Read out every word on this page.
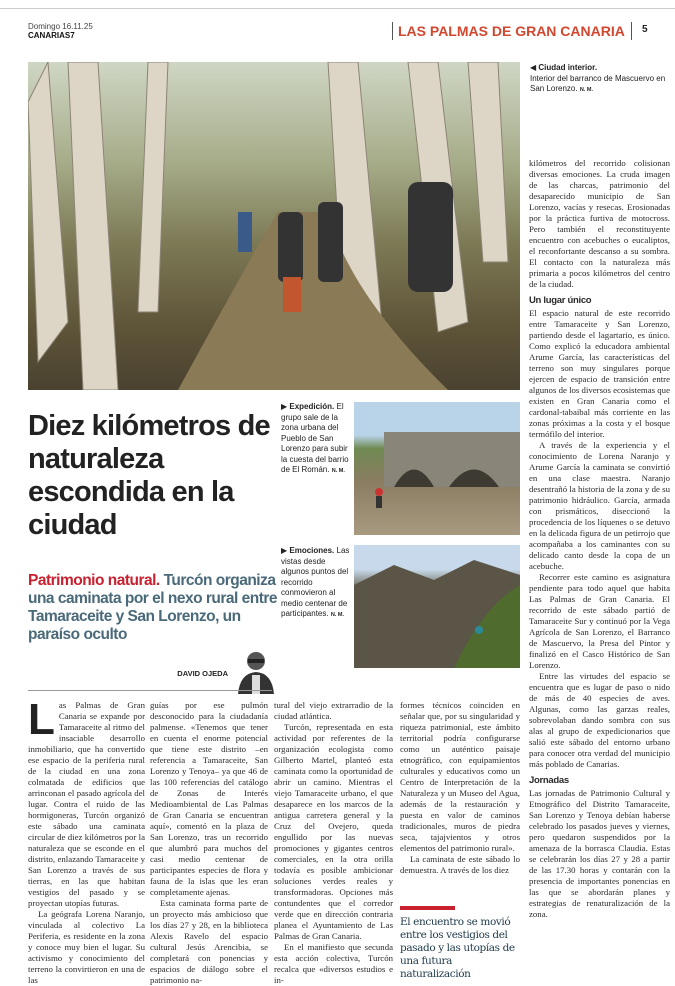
Domingo 16.11.25
CANARIAS7	LAS PALMAS DE GRAN CANARIA	5
◀ Ciudad interior.
Interior del barranco de Mascuervo en San Lorenzo. N. M.
Diez kilómetros de naturaleza escondida en la ciudad
Patrimonio natural. Turcón organiza una caminata por el nexo rural entre Tamaraceite y San Lorenzo, un paraíso oculto
DAVID OJEDA
▶ Expedición. El grupo sale de la zona urbana del Pueblo de San Lorenzo para subir la cuesta del barrio de El Román. N. M.
▶ Emociones. Las vistas desde algunos puntos del recorrido conmovieron al medio centenar de participantes. N. M.
L as Palmas de Gran Canaria se expande por Tamaraceite al ritmo del insaciable desarrollo inmobiliario, que ha convertido ese espacio de la periferia rural de la ciudad en una zona colmatada de edificios que arrinconan el pasado agrícola del lugar. Contra el ruido de las hormigoneras, Turcón organizó este sábado una caminata circular de diez kilómetros por la naturaleza que se esconde en el distrito, enlazando Tamaraceite y San Lorenzo a través de sus tierras, en las que habitan vestigios del pasado y se proyectan utopías futuras.

La geógrafa Lorena Naranjo, vinculada al colectivo La Periferia, es residente en la zona y conoce muy bien el lugar. Su activismo y conocimiento del terreno la convirtieron en una de las

guías por ese pulmón desconocido para la ciudadanía palmense. «Tenemos que tener en cuenta el enorme potencial que tiene este distrito –en referencia a Tamaraceite, San Lorenzo y Tenoya– ya que 46 de las 100 referencias del catálogo de Zonas de Interés Medioambiental de Las Palmas de Gran Canaria se encuentran aquí», comentó en la plaza de San Lorenzo, tras un recorrido que alumbró para muchos del casi medio centenar de participantes especies de flora y fauna de la islas que les eran completamente ajenas.

Esta caminata forma parte de un proyecto más ambicioso que los días 27 y 28, en la biblioteca Alexis Ravelo del espacio cultural Jesús Arencibia, se completará con ponencias y espacios de diálogo sobre el patrimonio na-

tural del viejo extrarradio de la ciudad atlántica.

Turcón, representada en esta actividad por referentes de la organización ecologista como Gilberto Martel, planteó esta caminata como la oportunidad de abrir un camino. Mientras el viejo Tamaraceite urbano, el que desaparece en los marcos de la antigua carretera general y la Cruz del Ovejero, queda engullido por las nuevas promociones y gigantes centros comerciales, en la otra orilla todavía es posible ambicionar soluciones verdes reales y transformadoras. Opciones más contundentes que el corredor verde que en dirección contraria planea el Ayuntamiento de Las Palmas de Gran Canaria.

En el manifiesto que secunda esta acción colectiva, Turcón recalca que «diversos estudios e in-

formes técnicos coinciden en señalar que, por su singularidad y riqueza patrimonial, este ámbito territorial podría configurarse como un auténtico paisaje etnográfico, con equipamientos culturales y educativos como un Centro de Interpretación de la Naturaleza y un Museo del Agua, además de la restauración y puesta en valor de caminos tradicionales, muros de piedra seca, tajajvientos y otros elementos del patrimonio rural».

La caminata de este sábado lo demuestra. A través de los diez

El encuentro se movió entre los vestigios del pasado y las utopías de una futura naturalización

kilómetros del recorrido colisionan diversas emociones. La cruda imagen de las charcas, patrimonio del desaparecido municipio de San Lorenzo, vacías y resecas. Erosionadas por la práctica furtiva de motocross. Pero también el reconstituyente encuentro con acebuches o eucaliptos, el reconfortante descanso a su sombra. El contacto con la naturaleza más primaria a pocos kilómetros del centro de la ciudad.

Un lugar único

El espacio natural de este recorrido entre Tamaraceite y San Lorenzo, partiendo desde el lagartario, es único. Como explicó la educadora ambiental Arume García, las características del terreno son muy singulares porque ejercen de espacio de transición entre algunos de los diversos ecosistemas que existen en Gran Canaria como el cardonal-tabaibal más corriente en las zonas próximas a la costa y el bosque termófilo del interior.

A través de la experiencia y el conocimiento de Lorena Naranjo y Arume García la caminata se convirtió en una clase maestra. Naranjo desentrañó la historia de la zona y de su patrimonio hidráulico. García, armada con prismáticos, diseccionó la procedencia de los líquenes o se detuvo en la delicada figura de un petirrojo que acompañaba a los caminantes con su delicado canto desde la copa de un acebuche.

Recorrer este camino es asignatura pendiente para todo aquel que habita Las Palmas de Gran Canaria. El recorrido de este sábado partió de Tamaraceite Sur y continuó por la Vega Agrícola de San Lorenzo, el Barranco de Mascuervo, la Presa del Pintor y finalizó en el Casco Histórico de San Lorenzo.

Entre las virtudes del espacio se encuentra que es lugar de paso o nido de más de 40 especies de aves. Algunas, como las garzas reales, sobrevolaban dando sombra con sus alas al grupo de expedicionarios que salió este sábado del entorno urbano para conocer otra verdad del municipio más poblado de Canarias.

Jornadas

Las jornadas de Patrimonio Cultural y Etnográfico del Distrito Tamaraceite, San Lorenzo y Tenoya debían haberse celebrado los pasados jueves y viernes, pero quedaron suspendidos por la amenaza de la borrasca Claudia. Estas se celebrarán los días 27 y 28 a partir de las 17.30 horas y contarán con la presencia de importantes ponencias en las que se abordarán planes y estrategias de renaturalización de la zona.
